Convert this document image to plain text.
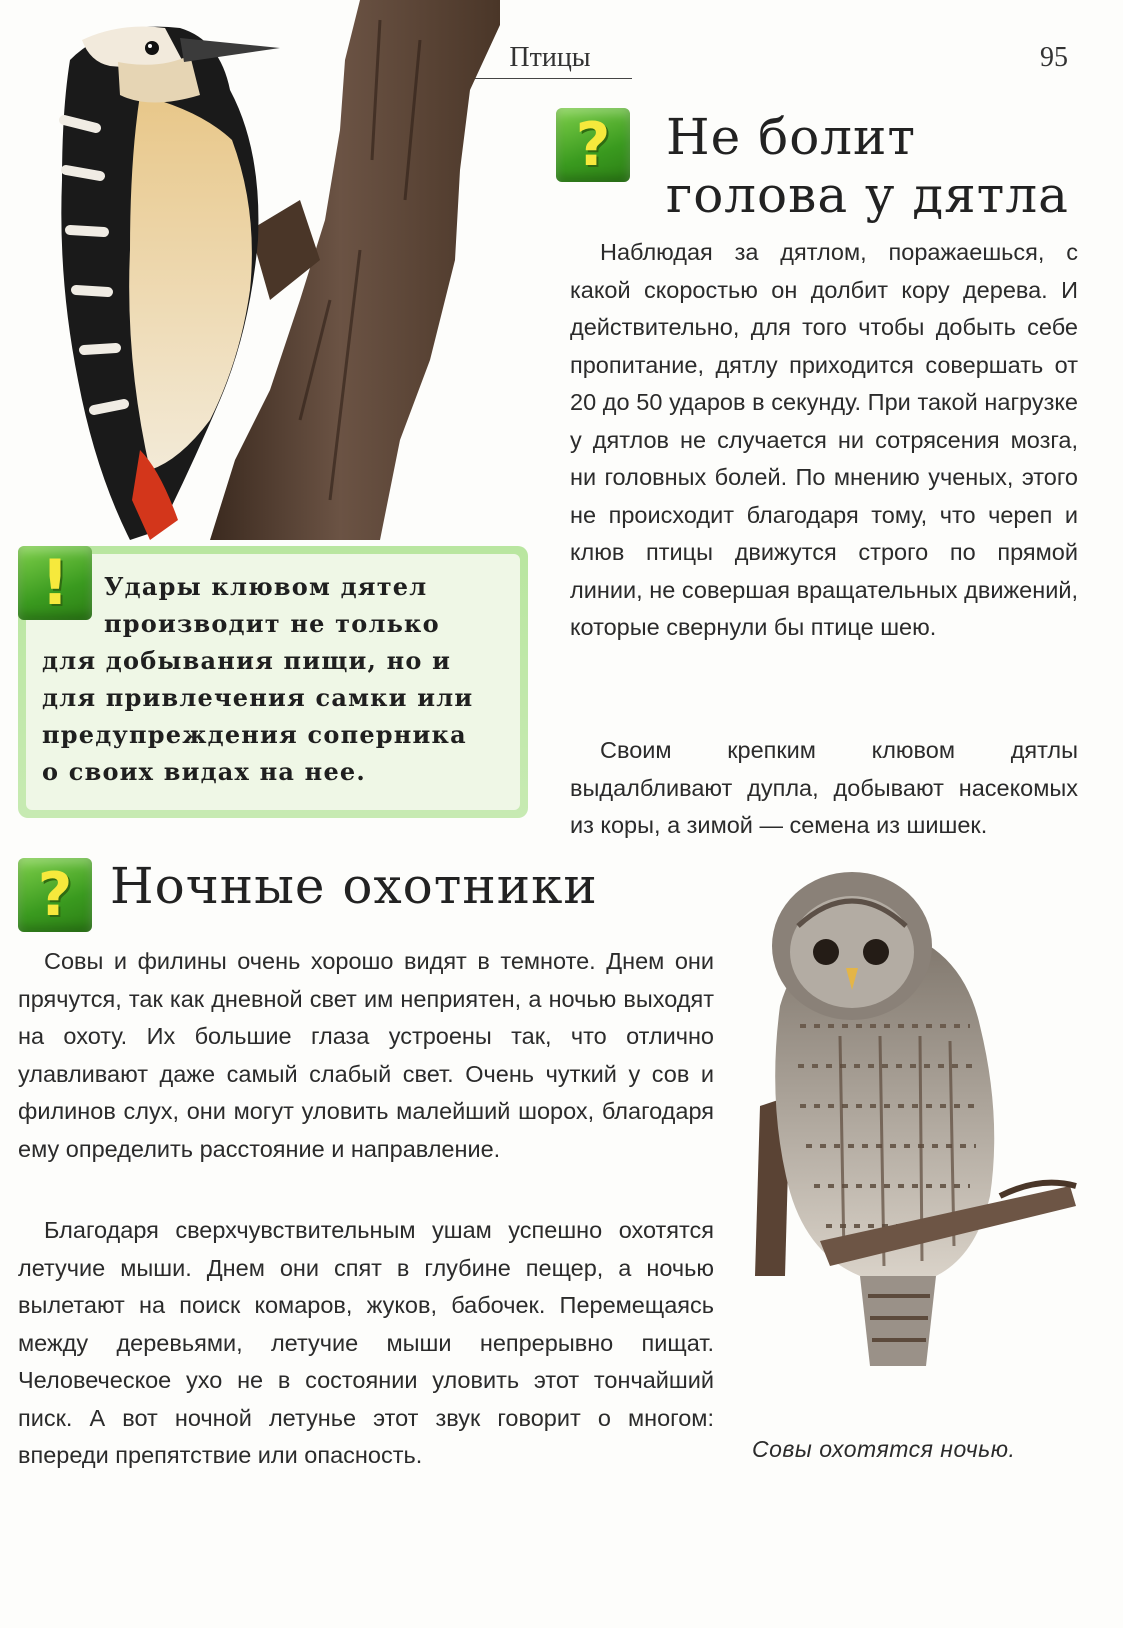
Птицы	95
?	Не болит
голова у дятла

Наблюдая за дятлом, поражаешься, с какой скоростью он долбит кору дерева. И действительно, для того чтобы добыть себе пропитание, дятлу приходится совершать от 20 до 50 ударов в секунду. При такой нагрузке у дятлов не случается ни сотрясения мозга, ни головных болей. По мнению ученых, этого не происходит благодаря тому, что череп и клюв птицы движутся строго по прямой линии, не совершая вращательных движений, которые свернули бы птице шею.

Своим крепким клювом дятлы выдалбливают дупла, добывают насекомых из коры, а зимой — семена из шишек.

!	Удары клювом дятел
производит не только
для добывания пищи, но и
для привлечения самки или
предупреждения соперника
о своих видах на нее.
? Ночные охотники

Совы и филины очень хорошо видят в темноте. Днем они прячутся, так как дневной свет им неприятен, а ночью выходят на охоту. Их большие глаза устроены так, что отлично улавливают даже самый слабый свет. Очень чуткий у сов и филинов слух, они могут уловить малейший шорох, благодаря ему определить расстояние и направление.

Благодаря сверхчувствительным ушам успешно охотятся летучие мыши. Днем они спят в глубине пещер, а ночью вылетают на поиск комаров, жуков, бабочек. Перемещаясь между деревьями, летучие мыши непрерывно пищат. Человеческое ухо не в состоянии уловить этот тончайший писк. А вот ночной летунье этот звук говорит о многом: впереди препятствие или опасность.	Совы охотятся ночью.
